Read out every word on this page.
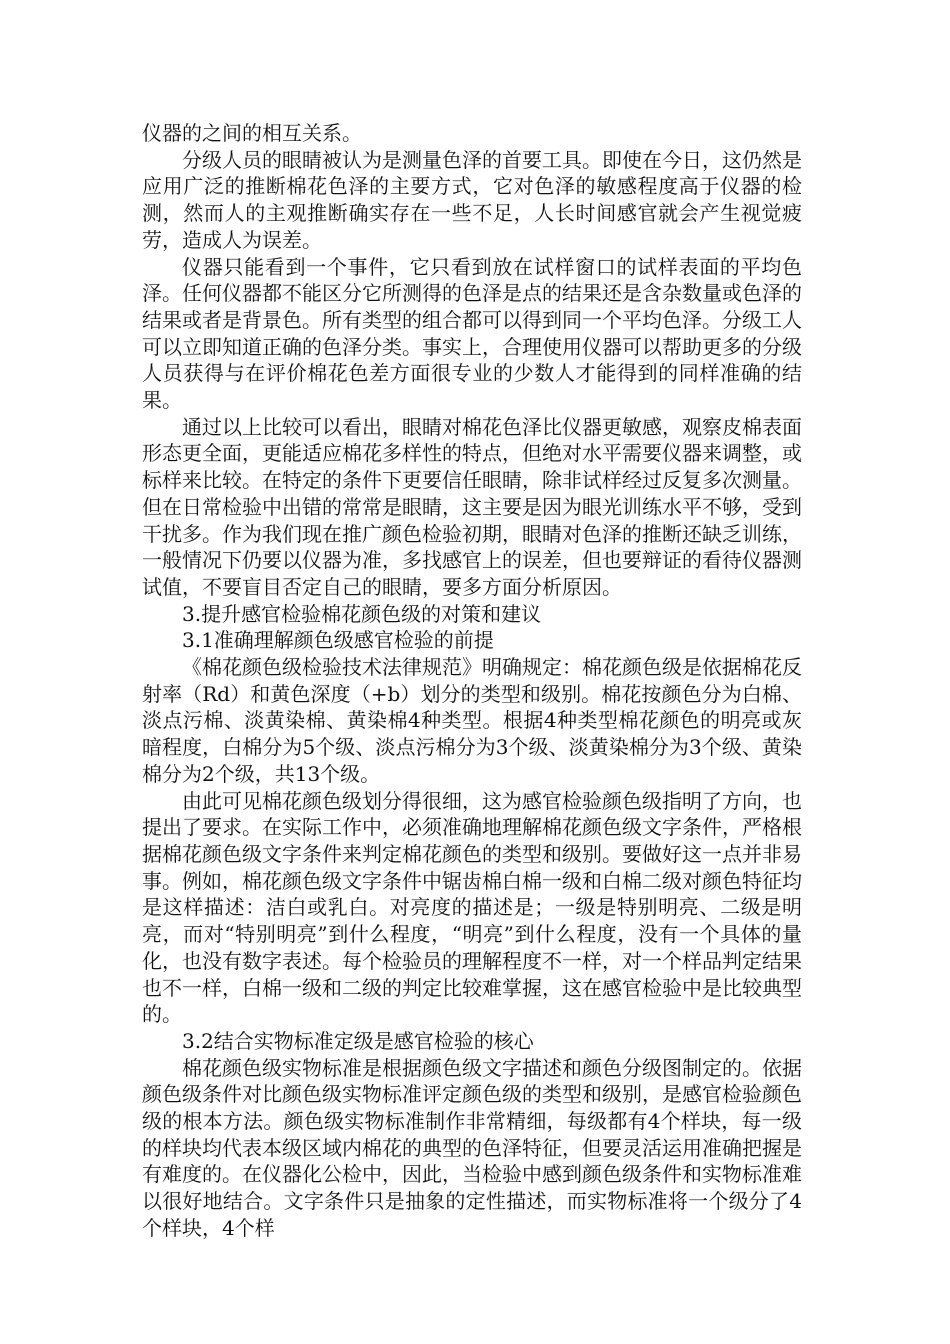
仪器的之间的相互关系。

分级人员的眼睛被认为是测量色泽的首要工具。即使在今日，这仍然是应用广泛的推断棉花色泽的主要方式，它对色泽的敏感程度高于仪器的检测，然而人的主观推断确实存在一些不足，人长时间感官就会产生视觉疲劳，造成人为误差。

仪器只能看到一个事件，它只看到放在试样窗口的试样表面的平均色泽。任何仪器都不能区分它所测得的色泽是点的结果还是含杂数量或色泽的结果或者是背景色。所有类型的组合都可以得到同一个平均色泽。分级工人可以立即知道正确的色泽分类。事实上，合理使用仪器可以帮助更多的分级人员获得与在评价棉花色差方面很专业的少数人才能得到的同样准确的结果。

通过以上比较可以看出，眼睛对棉花色泽比仪器更敏感，观察皮棉表面形态更全面，更能适应棉花多样性的特点，但绝对水平需要仪器来调整，或标样来比较。在特定的条件下更要信任眼睛，除非试样经过反复多次测量。但在日常检验中出错的常常是眼睛，这主要是因为眼光训练水平不够，受到干扰多。作为我们现在推广颜色检验初期，眼睛对色泽的推断还缺乏训练，一般情况下仍要以仪器为准，多找感官上的误差，但也要辩证的看待仪器测试值，不要盲目否定自己的眼睛，要多方面分析原因。

3.提升感官检验棉花颜色级的对策和建议

3.1准确理解颜色级感官检验的前提

《棉花颜色级检验技术法律规范》明确规定：棉花颜色级是依据棉花反射率（Rd）和黄色深度（+b）划分的类型和级别。棉花按颜色分为白棉、淡点污棉、淡黄染棉、黄染棉4种类型。根据4种类型棉花颜色的明亮或灰暗程度，白棉分为5个级、淡点污棉分为3个级、淡黄染棉分为3个级、黄染棉分为2个级，共13个级。

由此可见棉花颜色级划分得很细，这为感官检验颜色级指明了方向，也提出了要求。在实际工作中，必须准确地理解棉花颜色级文字条件，严格根据棉花颜色级文字条件来判定棉花颜色的类型和级别。要做好这一点并非易事。例如，棉花颜色级文字条件中锯齿棉白棉一级和白棉二级对颜色特征均是这样描述：洁白或乳白。对亮度的描述是；一级是特别明亮、二级是明亮，而对“特别明亮”到什么程度，“明亮”到什么程度，没有一个具体的量化，也没有数字表述。每个检验员的理解程度不一样，对一个样品判定结果也不一样，白棉一级和二级的判定比较难掌握，这在感官检验中是比较典型的。

3.2结合实物标准定级是感官检验的核心

棉花颜色级实物标准是根据颜色级文字描述和颜色分级图制定的。依据颜色级条件对比颜色级实物标准评定颜色级的类型和级别，是感官检验颜色级的根本方法。颜色级实物标准制作非常精细，每级都有4个样块，每一级的样块均代表本级区域内棉花的典型的色泽特征，但要灵活运用准确把握是有难度的。在仪器化公检中，因此，当检验中感到颜色级条件和实物标准难以很好地结合。文字条件只是抽象的定性描述，而实物标准将一个级分了4个样块，4个样
